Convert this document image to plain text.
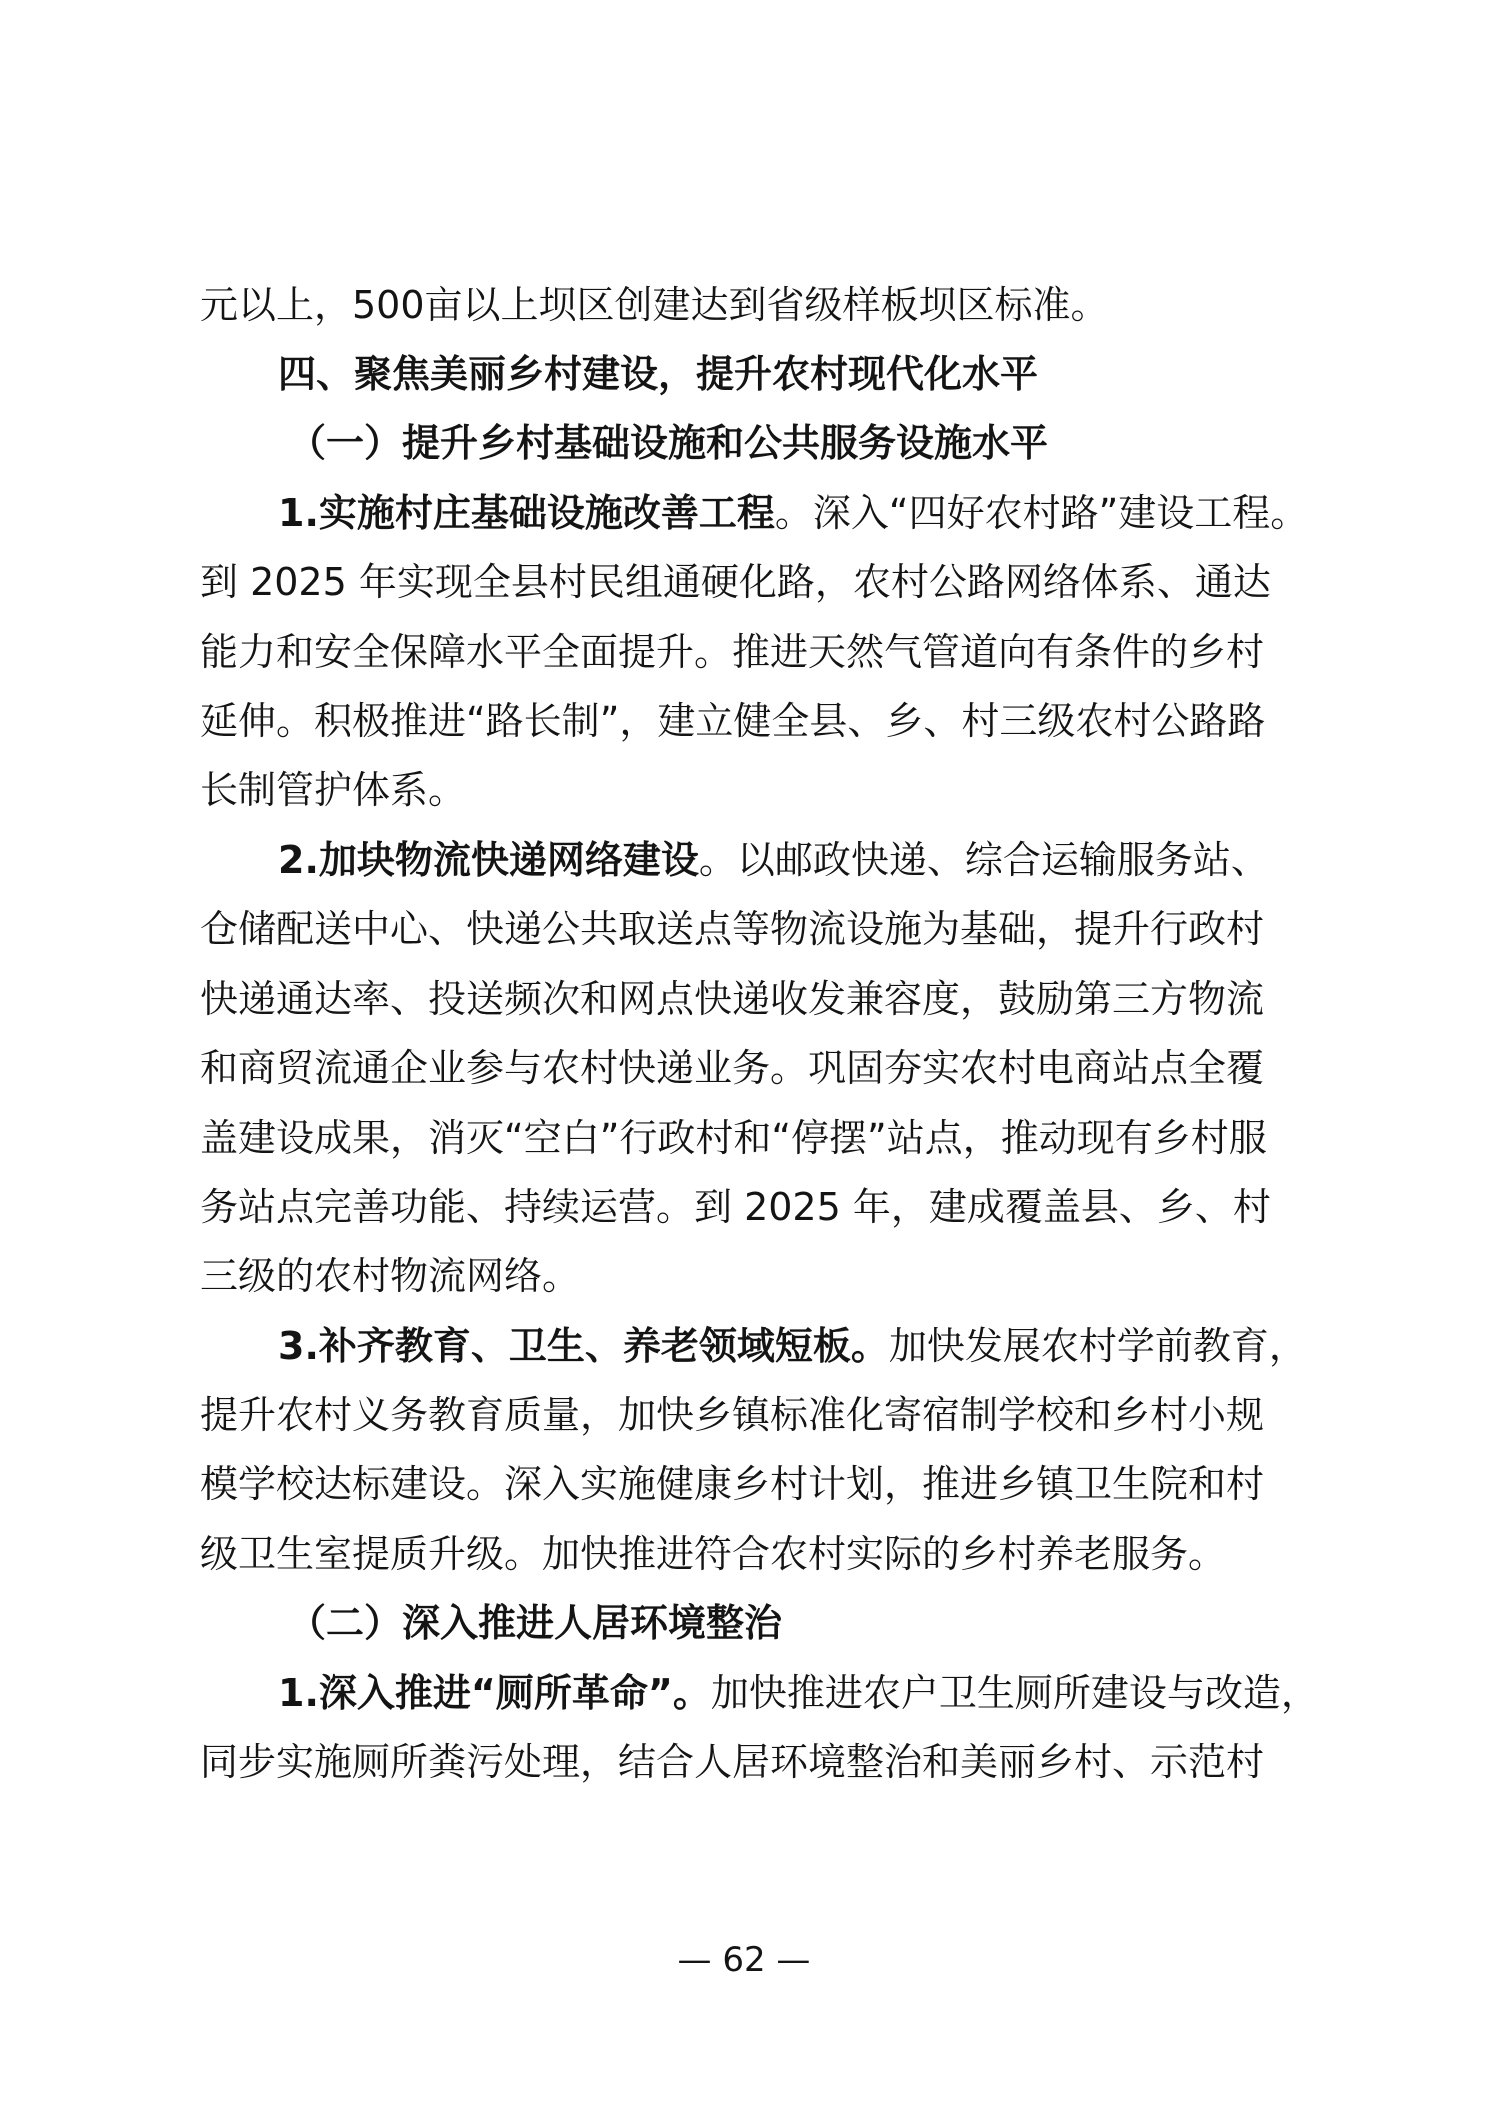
元以上，500亩以上坝区创建达到省级样板坝区标准。

四、聚焦美丽乡村建设，提升农村现代化水平

（一）提升乡村基础设施和公共服务设施水平

1.实施村庄基础设施改善工程。深入“四好农村路”建设工程。

到 2025 年实现全县村民组通硬化路，农村公路网络体系、通达

能力和安全保障水平全面提升。推进天然气管道向有条件的乡村

延伸。积极推进“路长制”，建立健全县、乡、村三级农村公路路

长制管护体系。

2.加块物流快递网络建设。以邮政快递、综合运输服务站、

仓储配送中心、快递公共取送点等物流设施为基础，提升行政村

快递通达率、投送频次和网点快递收发兼容度，鼓励第三方物流

和商贸流通企业参与农村快递业务。巩固夯实农村电商站点全覆

盖建设成果，消灭“空白”行政村和“停摆”站点，推动现有乡村服

务站点完善功能、持续运营。到 2025 年，建成覆盖县、乡、村

三级的农村物流网络。

3.补齐教育、卫生、养老领域短板。加快发展农村学前教育，

提升农村义务教育质量，加快乡镇标准化寄宿制学校和乡村小规

模学校达标建设。深入实施健康乡村计划，推进乡镇卫生院和村

级卫生室提质升级。加快推进符合农村实际的乡村养老服务。

（二）深入推进人居环境整治

1.深入推进“厕所革命”。加快推进农户卫生厕所建设与改造，

同步实施厕所粪污处理，结合人居环境整治和美丽乡村、示范村

— 62 —
